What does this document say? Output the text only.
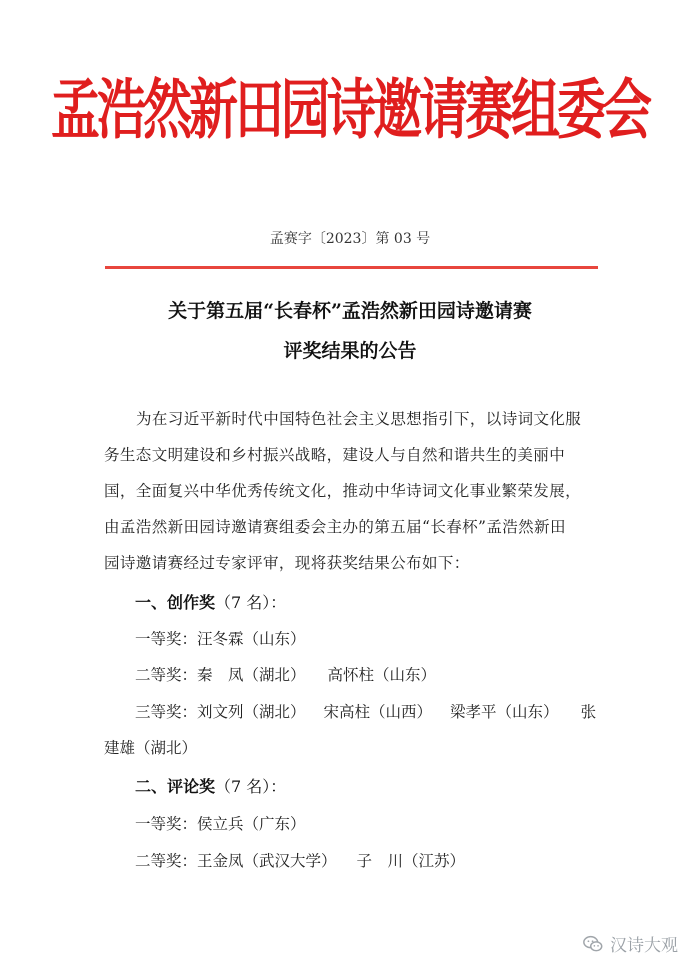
孟浩然新田园诗邀请赛组委会
孟赛字〔2023〕第 03 号
关于第五届“长春杯”孟浩然新田园诗邀请赛
评奖结果的公告
为在习近平新时代中国特色社会主义思想指引下，以诗词文化服
务生态文明建设和乡村振兴战略，建设人与自然和谐共生的美丽中
国，全面复兴中华优秀传统文化，推动中华诗词文化事业繁荣发展，
由孟浩然新田园诗邀请赛组委会主办的第五届“长春杯”孟浩然新田
园诗邀请赛经过专家评审，现将获奖结果公布如下：
一、创作奖（7 名）：
一等奖：汪冬霖（山东）
二等奖：秦　凤（湖北） 高怀柱（山东）
三等奖：刘文列（湖北） 宋高柱（山西） 梁孝平（山东） 张
建雄（湖北）
二、评论奖（7 名）：
一等奖：侯立兵（广东）
二等奖：王金凤（武汉大学） 子　川（江苏）
汉诗大观
